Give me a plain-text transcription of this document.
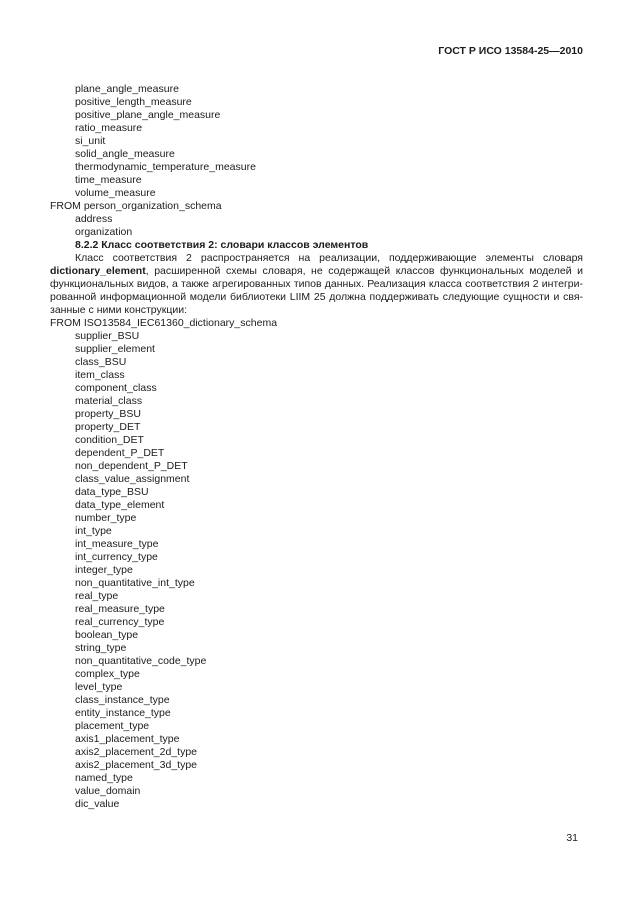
ГОСТ Р ИСО 13584-25—2010
plane_angle_measure
positive_length_measure
positive_plane_angle_measure
ratio_measure
si_unit
solid_angle_measure
thermodynamic_temperature_measure
time_measure
volume_measure
FROM person_organization_schema
address
organization
8.2.2 Класс соответствия 2: словари классов элементов
Класс соответствия 2 распространяется на реализации, поддерживающие элементы словаря
dictionary_element, расширенной схемы словаря, не содержащей классов функциональных моделей и
функциональных видов, а также агрегированных типов данных. Реализация класса соответствия 2 интегри-
рованной информационной модели библиотеки LIIM 25 должна поддерживать следующие сущности и свя-
занные с ними конструкции:
FROM ISO13584_IEC61360_dictionary_schema
supplier_BSU
supplier_element
class_BSU
item_class
component_class
material_class
property_BSU
property_DET
condition_DET
dependent_P_DET
non_dependent_P_DET
class_value_assignment
data_type_BSU
data_type_element
number_type
int_type
int_measure_type
int_currency_type
integer_type
non_quantitative_int_type
real_type
real_measure_type
real_currency_type
boolean_type
string_type
non_quantitative_code_type
complex_type
level_type
class_instance_type
entity_instance_type
placement_type
axis1_placement_type
axis2_placement_2d_type
axis2_placement_3d_type
named_type
value_domain
dic_value
31
